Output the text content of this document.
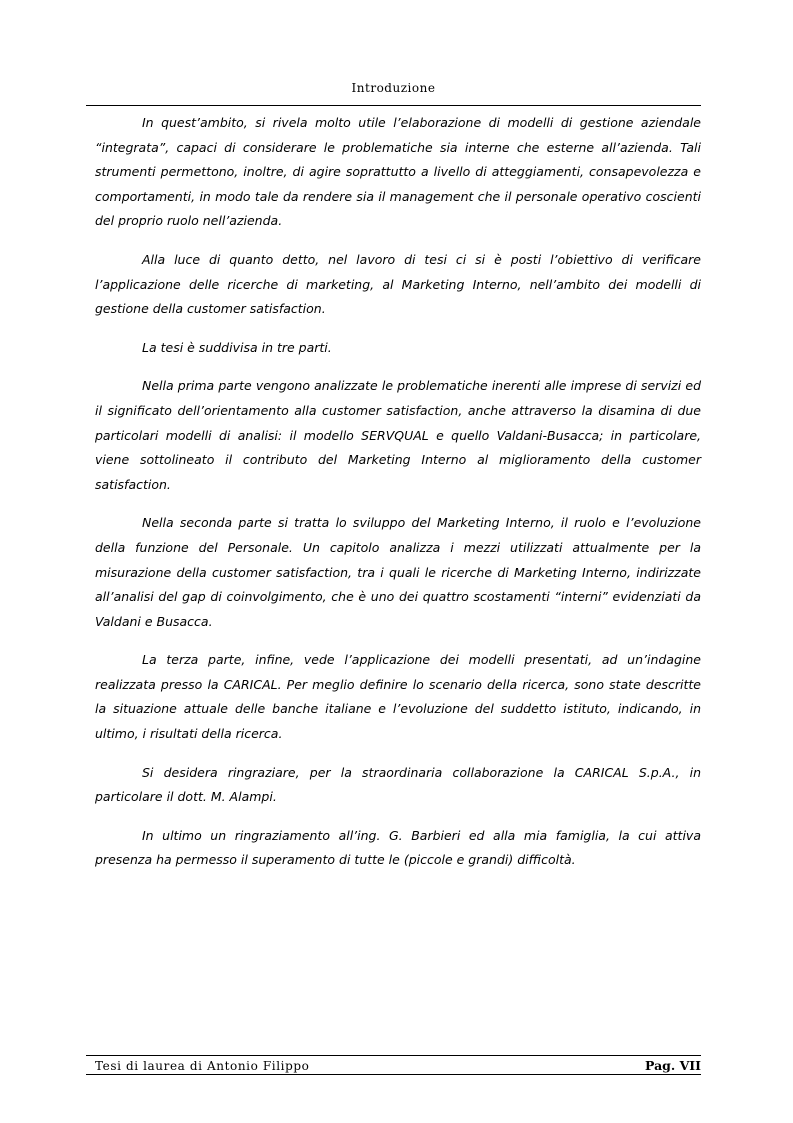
Introduzione

In quest’ambito, si rivela molto utile l’elaborazione di modelli di gestione aziendale “integrata”, capaci di considerare le problematiche sia interne che esterne all’azienda. Tali strumenti permettono, inoltre, di agire soprattutto a livello di atteggiamenti, consapevolezza e comportamenti, in modo tale da rendere sia il management che il personale operativo coscienti del proprio ruolo nell’azienda.

Alla luce di quanto detto, nel lavoro di tesi ci si è posti l’obiettivo di verificare l’applicazione delle ricerche di marketing, al Marketing Interno, nell’ambito dei modelli di gestione della customer satisfaction.

La tesi è suddivisa in tre parti.

Nella prima parte vengono analizzate le problematiche inerenti alle imprese di servizi ed il significato dell’orientamento alla customer satisfaction, anche attraverso la disamina di due particolari modelli di analisi: il modello SERVQUAL e quello Valdani-Busacca; in particolare, viene sottolineato il contributo del Marketing Interno al miglioramento della customer satisfaction.

Nella seconda parte si tratta lo sviluppo del Marketing Interno, il ruolo e l’evoluzione della funzione del Personale. Un capitolo analizza i mezzi utilizzati attualmente per la misurazione della customer satisfaction, tra i quali le ricerche di Marketing Interno, indirizzate all’analisi del gap di coinvolgimento, che è uno dei quattro scostamenti “interni” evidenziati da Valdani e Busacca.

La terza parte, infine, vede l’applicazione dei modelli presentati, ad un’indagine realizzata presso la CARICAL. Per meglio definire lo scenario della ricerca, sono state descritte la situazione attuale delle banche italiane e l’evoluzione del suddetto istituto, indicando, in ultimo, i risultati della ricerca.

Si desidera ringraziare, per la straordinaria collaborazione la CARICAL S.p.A., in particolare il dott. M. Alampi.

In ultimo un ringraziamento all’ing. G. Barbieri ed alla mia famiglia, la cui attiva presenza ha permesso il superamento di tutte le (piccole e grandi) difficoltà.

Tesi di laurea di Antonio Filippo	Pag. VII
